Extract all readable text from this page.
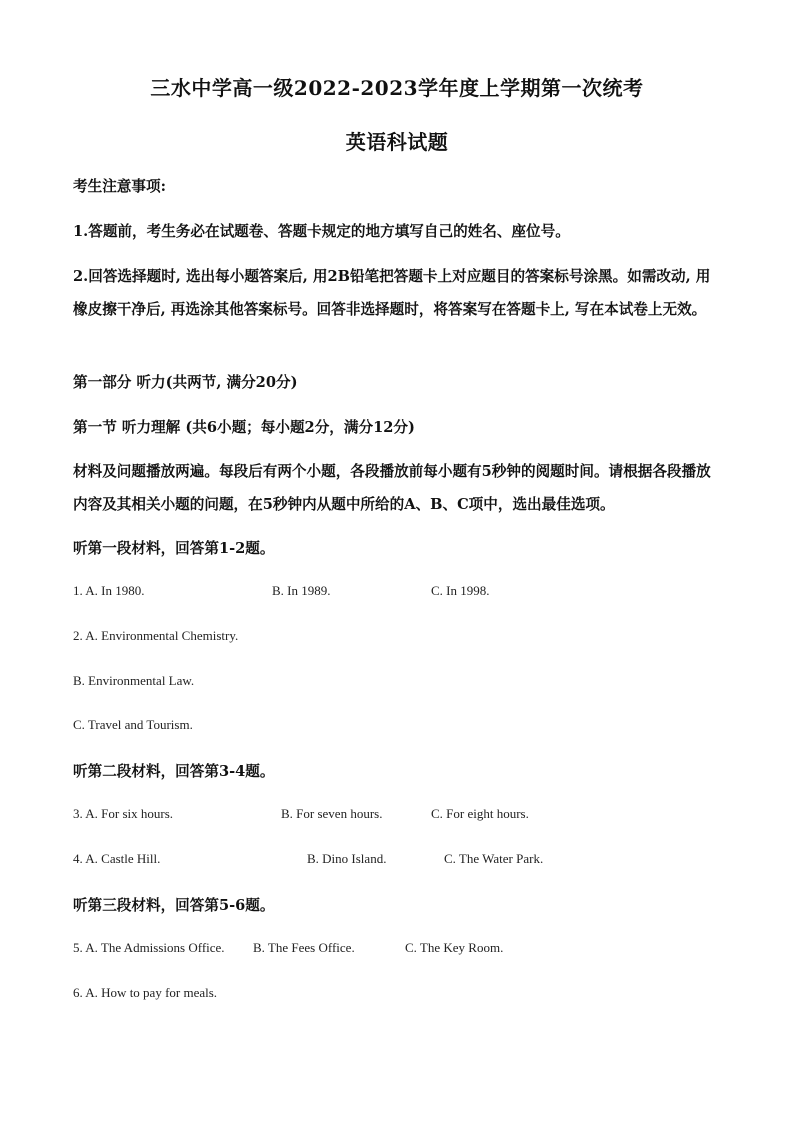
三水中学高一级2022-2023学年度上学期第一次统考
英语科试题
考生注意事项:
1.答题前，考生务必在试题卷、答题卡规定的地方填写自己的姓名、座位号。
2.回答选择题时, 选出每小题答案后, 用2B铅笔把答题卡上对应题目的答案标号涂黑。如需改动, 用橡皮擦干净后, 再选涂其他答案标号。回答非选择题时，将答案写在答题卡上, 写在本试卷上无效。
第一部分 听力(共两节, 满分20分)
第一节 听力理解 (共6小题；每小题2分，满分12分)
材料及问题播放两遍。每段后有两个小题，各段播放前每小题有5秒钟的阅题时间。请根据各段播放内容及其相关小题的问题，在5秒钟内从题中所给的A、B、C项中，选出最佳选项。
听第一段材料，回答第1-2题。
1. A. In 1980.	B. In 1989.	C. In 1998.
2. A. Environmental Chemistry.
B. Environmental Law.
C. Travel and Tourism.
听第二段材料，回答第3-4题。
3. A. For six hours.	B. For seven hours.	C. For eight hours.
4. A. Castle Hill.	B. Dino Island.	C. The Water Park.
听第三段材料，回答第5-6题。
5. A. The Admissions Office. B. The Fees Office.	C. The Key Room.
6. A. How to pay for meals.
